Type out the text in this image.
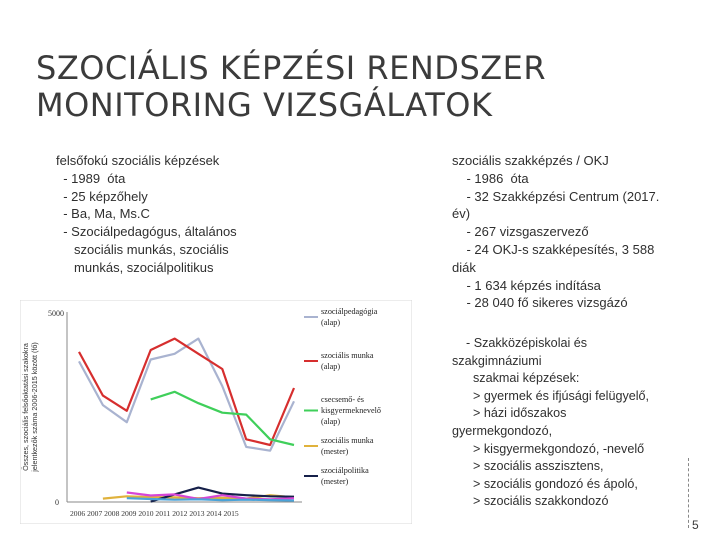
SZOCIÁLIS KÉPZÉSI RENDSZER
MONITORING VIZSGÁLATOK
felsőfokú szociális képzések
- 1989  óta
- 25 képzőhely
- Ba, Ma, Ms.C
- Szociálpedagógus, általános
szociális munkás, szociális
munkás, szociálpolitikus
szociális szakképzés / OKJ
- 1986  óta
- 32 Szakképzési Centrum (2017.
év)
- 267 vizsgaszervező
- 24 OKJ-s szakképesítés, 3 588
diák
- 1 634 képzés indítása
- 28 040 fő sikeres vizsgázó
- Szakközépiskolai és
szakgimnáziumi
szakmai képzések:
> gyermek és ifjúsági felügyelő,
> házi időszakos
gyermekgondozó,
> kisgyermekgondozó, -nevelő
> szociális asszisztens,
> szociális gondozó és ápoló,
> szociális szakkondozó
5000
0
2006 2007 2008 2009 2010 2011 2012 2013 2014 2015
Összes, szociális felsőoktatási szakokrajelentkezők száma 2006-2015 között (fő)
szociálpedagógia (alap)
szociális munka (alap)
csecsemő- és kisgyermeknevelő (alap)
szociális munka (mester)
szociálpolitika (mester)
5
